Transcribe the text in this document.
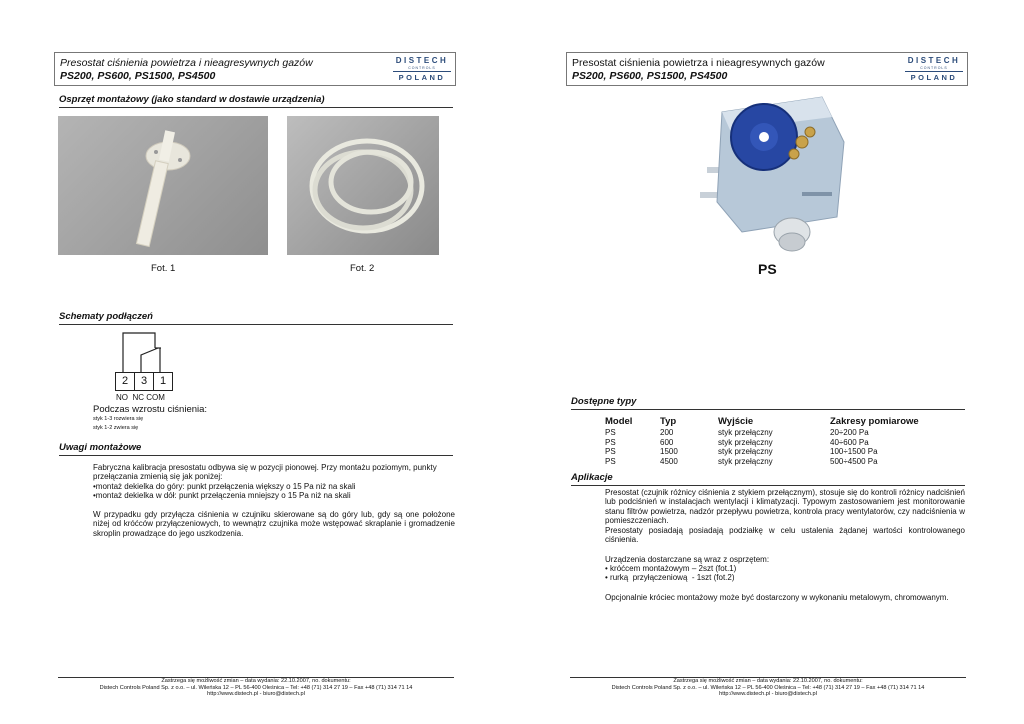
Presostat ciśnienia powietrza i nieagresywnych gazów
PS200, PS600, PS1500, PS4500
DISTECH
CONTROLS
POLAND
Osprzęt montażowy (jako standard w dostawie urządzenia)
Fot. 1	Fot. 2
Schematy podłączeń
2	3	1
NO  NC COM
Podczas wzrostu ciśnienia:
styk 1-3 rozwiera się
styk 1-2 zwiera się
Uwagi montażowe
Fabryczna kalibracja presostatu odbywa się w pozycji pionowej. Przy montażu poziomym, punkty przełączania zmienią się jak poniżej:
•montaż dekielka do góry: punkt przełączenia większy o 15 Pa niż na skali
•montaż dekielka w dół: punkt przełączenia mniejszy o 15 Pa niż na skali
W przypadku gdy przyłącza ciśnienia w czujniku skierowane są do góry lub, gdy są one położone niżej od króćców przyłączeniowych, to wewnątrz czujnika może wstępować skraplanie i gromadzenie skroplin prowadzące do jego uszkodzenia.
Zastrzega się możliwość zmian – data wydania: 22.10.2007, no. dokumentu:
Distech Controls Poland Sp. z o.o. – ul. Wileńska 12 – PL 56-400 Oleśnica – Tel: +48 (71) 314 27 19 – Fax +48 (71) 314 71 14
http://www.distech.pl - biuro@distech.pl
Presostat ciśnienia powietrza i nieagresywnych gazów
PS200, PS600, PS1500, PS4500
DISTECH
CONTROLS
POLAND
PS
Dostępne typy
Aplikacje
Presostat (czujnik różnicy ciśnienia z stykiem przełącznym), stosuje się do kontroli różnicy nadciśnień lub podciśnień w instalacjach wentylacji i klimatyzacji. Typowym zastosowaniem jest monitorowanie stanu filtrów powietrza, nadzór przepływu powietrza, kontrola pracy wentylatorów, czy nadciśnienia w pomieszczeniach.
Presostaty posiadają posiadają podziałkę w celu ustalenia żądanej wartości kontrolowanego ciśnienia.
Urządzenia dostarczane są wraz z osprzętem:
• króćcem montażowym – 2szt (fot.1)
• rurką  przyłączeniową  - 1szt (fot.2)
Opcjonalnie króciec montażowy może być dostarczony w wykonaniu metalowym, chromowanym.
Zastrzega się możliwość zmian – data wydania: 22.10.2007, no. dokumentu:
Distech Controls Poland Sp. z o.o. – ul. Wileńska 12 – PL 56-400 Oleśnica – Tel: +48 (71) 314 27 19 – Fax +48 (71) 314 71 14
http://www.distech.pl - biuro@distech.pl
Model	Typ	Wyjście	Zakresy pomiarowe
PS	200	styk przełączny	20÷200 Pa
PS	600	styk przełączny	40÷600 Pa
PS	1500	styk przełączny	100÷1500 Pa
PS	4500	styk przełączny	500÷4500 Pa
